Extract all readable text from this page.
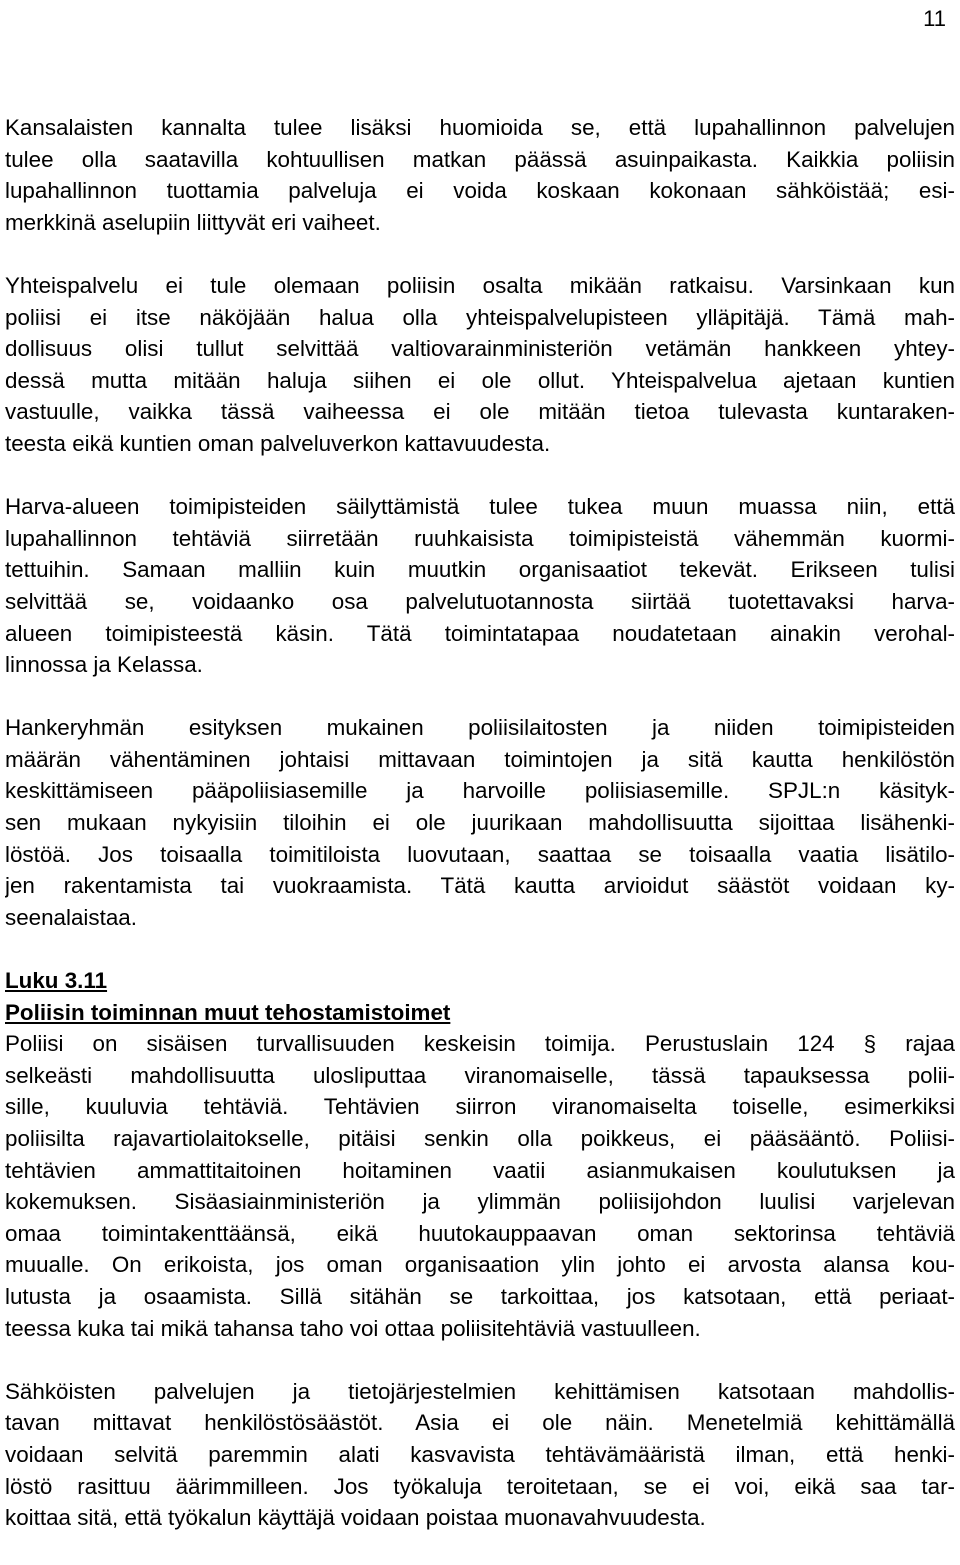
11
Kansalaisten kannalta tulee lisäksi huomioida se, että lupahallinnon palvelujen
tulee olla saatavilla kohtuullisen matkan päässä asuinpaikasta. Kaikkia poliisin
lupahallinnon tuottamia palveluja ei voida koskaan kokonaan sähköistää; esi-
merkkinä aselupiin liittyvät eri vaiheet.
Yhteispalvelu ei tule olemaan poliisin osalta mikään ratkaisu. Varsinkaan kun
poliisi ei itse näköjään halua olla yhteispalvelupisteen ylläpitäjä. Tämä mah-
dollisuus olisi tullut selvittää valtiovarainministeriön vetämän hankkeen yhtey-
dessä mutta mitään haluja siihen ei ole ollut. Yhteispalvelua ajetaan kuntien
vastuulle, vaikka tässä vaiheessa ei ole mitään tietoa tulevasta kuntaraken-
teesta eikä kuntien oman palveluverkon kattavuudesta.
Harva-alueen toimipisteiden säilyttämistä tulee tukea muun muassa niin, että
lupahallinnon tehtäviä siirretään ruuhkaisista toimipisteistä vähemmän kuormi-
tettuihin. Samaan malliin kuin muutkin organisaatiot tekevät. Erikseen tulisi
selvittää se, voidaanko osa palvelutuotannosta siirtää tuotettavaksi harva-
alueen toimipisteestä käsin. Tätä toimintatapaa noudatetaan ainakin verohal-
linnossa ja Kelassa.
Hankeryhmän esityksen mukainen poliisilaitosten ja niiden toimipisteiden
määrän vähentäminen johtaisi mittavaan toimintojen ja sitä kautta henkilöstön
keskittämiseen pääpoliisiasemille ja harvoille poliisiasemille. SPJL:n käsityk-
sen mukaan nykyisiin tiloihin ei ole juurikaan mahdollisuutta sijoittaa lisähenki-
löstöä. Jos toisaalla toimitiloista luovutaan, saattaa se toisaalla vaatia lisätilo-
jen rakentamista tai vuokraamista. Tätä kautta arvioidut säästöt voidaan ky-
seenalaistaa.
Luku 3.11
Poliisin toiminnan muut tehostamistoimet
Poliisi on sisäisen turvallisuuden keskeisin toimija. Perustuslain 124 § rajaa
selkeästi mahdollisuutta ulosliputtaa viranomaiselle, tässä tapauksessa polii-
sille, kuuluvia tehtäviä. Tehtävien siirron viranomaiselta toiselle, esimerkiksi
poliisilta rajavartiolaitokselle, pitäisi senkin olla poikkeus, ei pääsääntö. Poliisi-
tehtävien ammattitaitoinen hoitaminen vaatii asianmukaisen koulutuksen ja
kokemuksen. Sisäasiainministeriön ja ylimmän poliisijohdon luulisi varjelevan
omaa toimintakenttäänsä, eikä huutokauppaavan oman sektorinsa tehtäviä
muualle. On erikoista, jos oman organisaation ylin johto ei arvosta alansa kou-
lutusta ja osaamista. Sillä sitähän se tarkoittaa, jos katsotaan, että periaat-
teessa kuka tai mikä tahansa taho voi ottaa poliisitehtäviä vastuulleen.
Sähköisten palvelujen ja tietojärjestelmien kehittämisen katsotaan mahdollis-
tavan mittavat henkilöstösäästöt. Asia ei ole näin. Menetelmiä kehittämällä
voidaan selvitä paremmin alati kasvavista tehtävämääristä ilman, että henki-
löstö rasittuu äärimmilleen. Jos työkaluja teroitetaan, se ei voi, eikä saa tar-
koittaa sitä, että työkalun käyttäjä voidaan poistaa muonavahvuudesta.
